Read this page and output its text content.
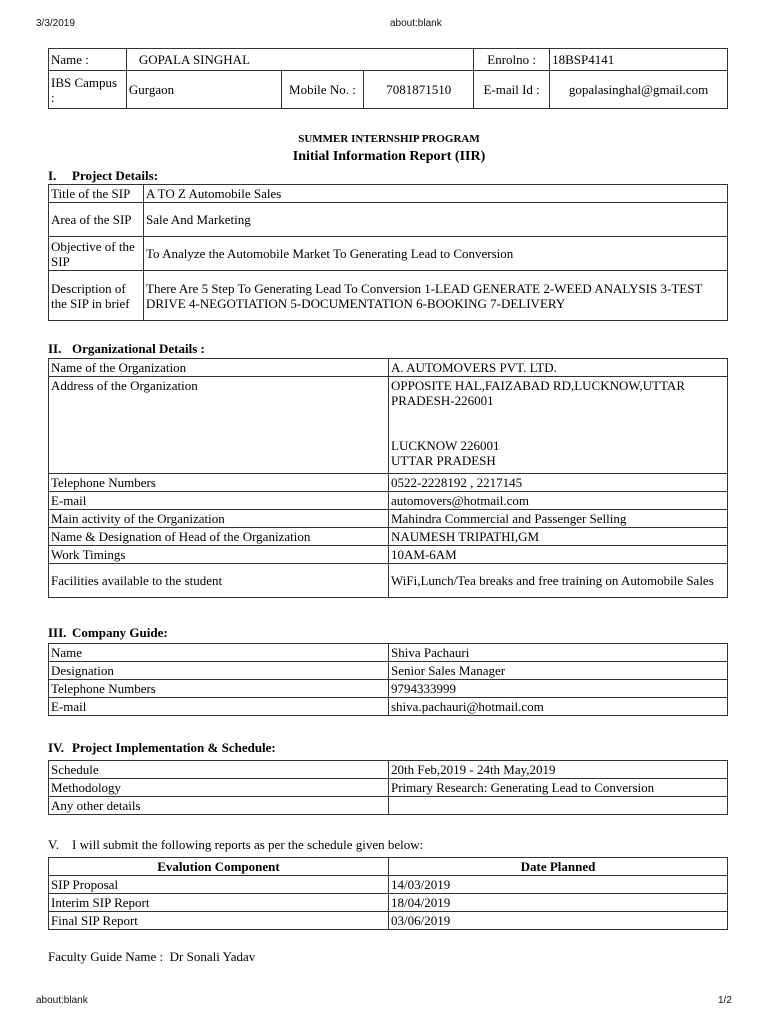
3/3/2019	about:blank
Name :	GOPALA SINGHAL			Enrolno :	18BSP4141
IBS Campus :	Gurgaon	Mobile No. :	7081871510	E-mail Id :	gopalasinghal@gmail.com
SUMMER INTERNSHIP PROGRAM
Initial Information Report (IIR)
I. Project Details:
Title of the SIP	A TO Z Automobile Sales
Area of the SIP	Sale And Marketing
Objective of the SIP	To Analyze the Automobile Market To Generating Lead to Conversion
Description of the SIP in brief	There Are 5 Step To Generating Lead To Conversion 1-LEAD GENERATE 2-WEED ANALYSIS 3-TEST DRIVE 4-NEGOTIATION 5-DOCUMENTATION 6-BOOKING 7-DELIVERY
II. Organizational Details :
Name of the Organization	A. AUTOMOVERS PVT. LTD.
Address of the Organization	OPPOSITE HAL,FAIZABAD RD,LUCKNOW,UTTAR PRADESH-226001
LUCKNOW 226001
UTTAR PRADESH

Telephone Numbers	0522-2228192 , 2217145
E-mail	automovers@hotmail.com
Main activity of the Organization	Mahindra Commercial and Passenger Selling
Name & Designation of Head of the Organization	NAUMESH TRIPATHI,GM
Work Timings	10AM-6AM
Facilities available to the student	WiFi,Lunch/Tea breaks and free training on Automobile Sales
III. Company Guide:
Name	Shiva Pachauri
Designation	Senior Sales Manager
Telephone Numbers	9794333999
E-mail	shiva.pachauri@hotmail.com
IV. Project Implementation & Schedule:
Schedule	20th Feb,2019 - 24th May,2019
Methodology	Primary Research: Generating Lead to Conversion
Any other details	
V. I will submit the following reports as per the schedule given below:
Evalution Component	Date Planned
SIP Proposal	14/03/2019
Interim SIP Report	18/04/2019
Final SIP Report	03/06/2019
Faculty Guide Name : Dr Sonali Yadav
about:blank	1/2
